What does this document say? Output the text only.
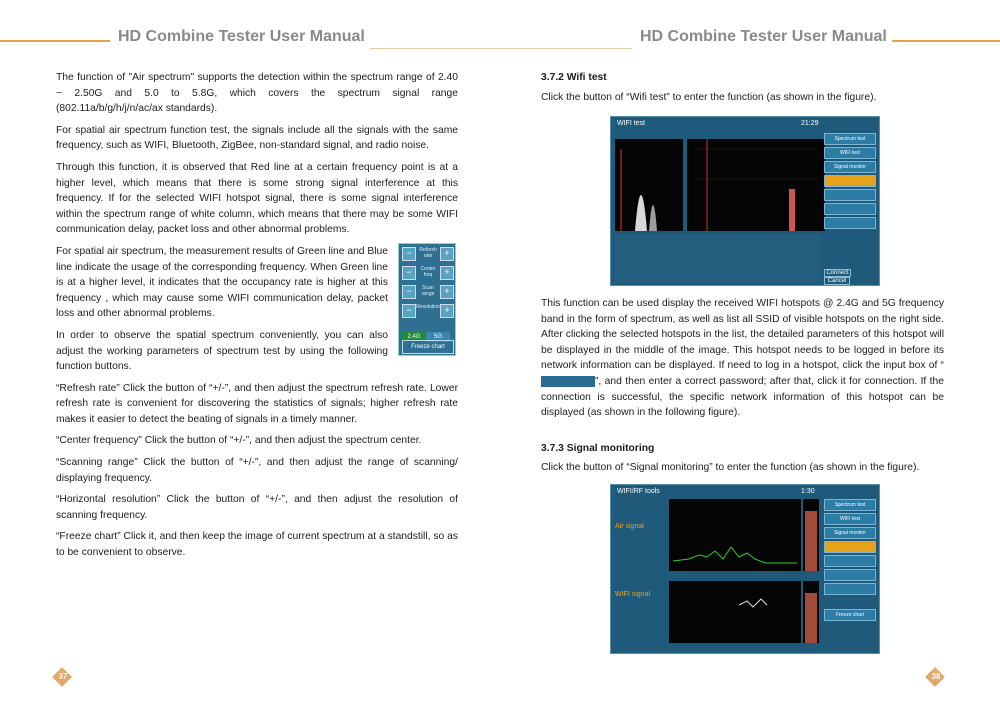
HD Combine Tester User Manual	HD Combine Tester User Manual

The function of "Air spectrum" supports the detection within the spectrum range of 2.40 ~ 2.50G and 5.0 to 5.8G, which covers the spectrum signal range (802.11a/b/g/h/j/n/ac/ax standards).

For spatial air spectrum function test, the signals include all the signals with the same frequency, such as WIFI, Bluetooth, ZigBee, non-standard signal, and radio noise.

Through this function, it is observed that Red line at a certain frequency point is at a higher level, which means that there is some strong signal interference at this frequency. If for the selected WIFI hotspot signal, there is some signal interference within the spectrum range of white column, which means that there may be some WIFI communication delay, packet loss and other abnormal problems.

For spatial air spectrum, the measurement results of Green line and Blue line indicate the usage of the corresponding frequency. When Green line is at a higher level, it indicates that the occupancy rate is higher at this frequency , which may cause some WIFI communication delay, packet loss and other abnormal problems.

In order to observe the spatial spectrum conveniently, you can also adjust the working parameters of spectrum test by using the following function buttons.

“Refresh rate” Click the button of “+/-”, and then adjust the spectrum refresh rate. Lower refresh rate is convenient for discovering the statistics of signals; higher refresh rate makes it easier to detect the beating of signals in a timely manner.

“Center frequency” Click the button of “+/-”, and then adjust the spectrum center.

“Scanning range” Click the button of “+/-”, and then adjust the range of scanning/ displaying frequency.

“Horizontal resolution” Click the button of “+/-”, and then adjust the resolution of scanning frequency.

“Freeze chart” Click it, and then keep the image of current spectrum at a standstill, so as to be convenient to observe.

−	Refresh rate	+
−	Center freq	+
−	Scan range	+
− Resolution +
2.4G 5G
Freeze chart

3.7.2 Wifi test

Click the button of “Wifi test” to enter the function (as shown in the figure).

WIFI test	21:29
Spectrum test
WIFI test
Signal monitor
ConnectCancel

This function can be used display the received WIFI hotspots @ 2.4G and 5G frequency band in the form of spectrum, as well as list all SSID of visible hotspots on the right side. After clicking the selected hotspots in the list, the detailed parameters of this hotspot will be displayed in the middle of the image. This hotspot needs to be logged in before its network information can be displayed. If need to log in a hotspot, click the input box of “”, and then enter a correct password; after that, click it for connection. If the connection is successful, the specific network information of this hotspot can be displayed (as shown in the following figure).

3.7.3 Signal monitoring

Click the button of “Signal monitoring” to enter the function (as shown in the figure).

WIFI/RF tools	1:30
Air signal
WIFI signal
Spectrum test
WIFI test
Signal monitor
Freeze chart
37	38
